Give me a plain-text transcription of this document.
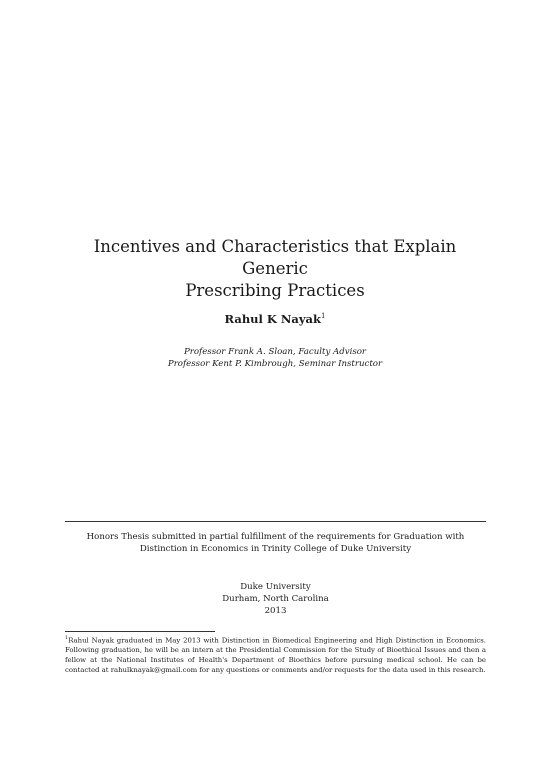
Incentives and Characteristics that Explain Generic
Prescribing Practices

Rahul K Nayak$^1$

Professor Frank A. Sloan, Faculty Advisor
Professor Kent P. Kimbrough, Seminar Instructor
Honors Thesis submitted in partial fulfillment of the requirements for Graduation with
Distinction in Economics in Trinity College of Duke University
Duke University
Durham, North Carolina
2013
$^1$Rahul Nayak graduated in May 2013 with Distinction in Biomedical Engineering and High Distinction in Economics. Following graduation, he will be an intern at the Presidential Commission for the Study of Bioethical Issues and then a fellow at the National Institutes of Health's Department of Bioethics before pursuing medical school. He can be contacted at rahulknayak@gmail.com for any questions or comments and/or requests for the data used in this research.
